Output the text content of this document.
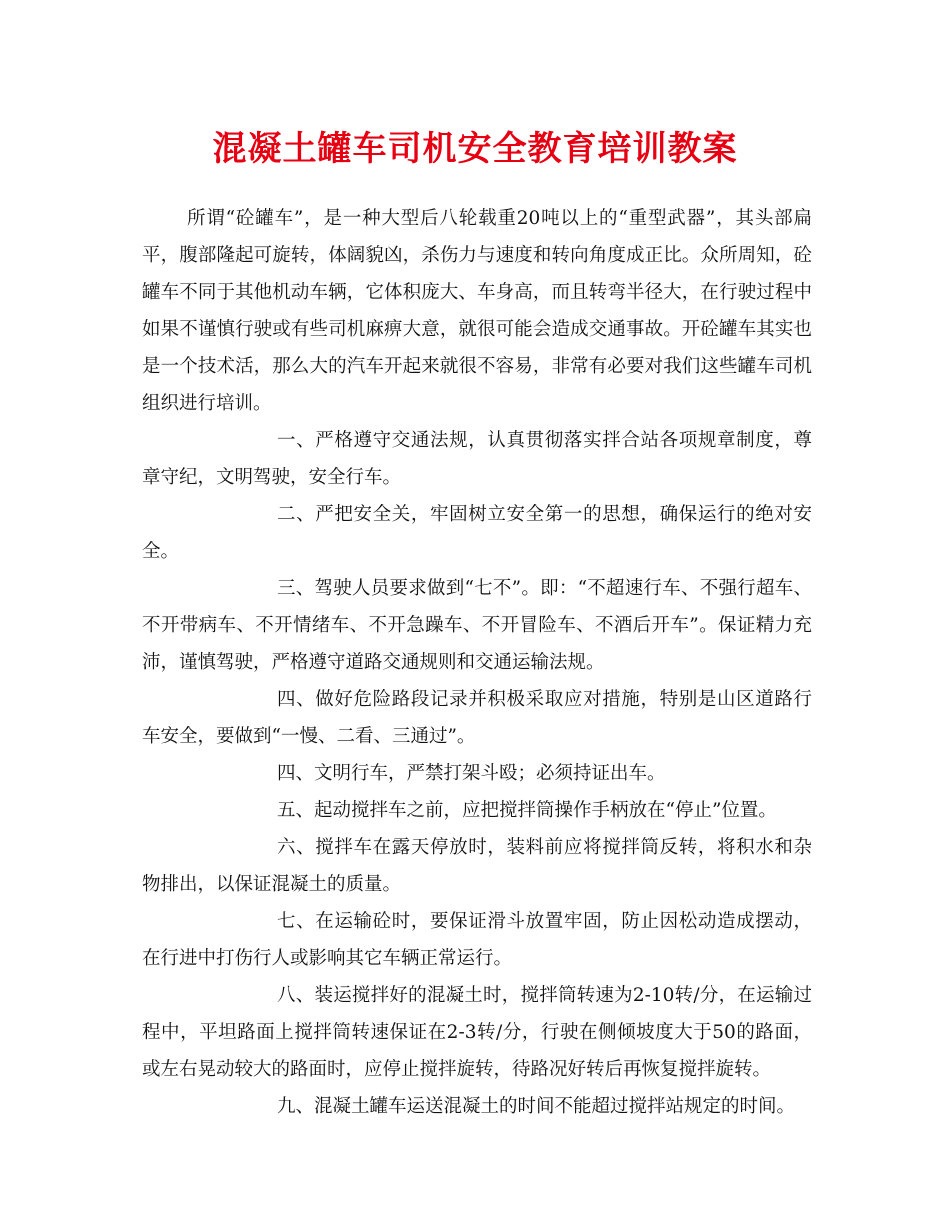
混凝土罐车司机安全教育培训教案

所谓“砼罐车”，是一种大型后八轮载重20吨以上的“重型武器”，其头部扁平，腹部隆起可旋转，体阔貌凶，杀伤力与速度和转向角度成正比。众所周知，砼罐车不同于其他机动车辆，它体积庞大、车身高，而且转弯半径大，在行驶过程中如果不谨慎行驶或有些司机麻痹大意，就很可能会造成交通事故。开砼罐车其实也是一个技术活，那么大的汽车开起来就很不容易，非常有必要对我们这些罐车司机组织进行培训。

一、严格遵守交通法规，认真贯彻落实拌合站各项规章制度，尊章守纪，文明驾驶，安全行车。

二、严把安全关，牢固树立安全第一的思想，确保运行的绝对安全。

三、驾驶人员要求做到“七不”。即：“不超速行车、不强行超车、不开带病车、不开情绪车、不开急躁车、不开冒险车、不酒后开车”。保证精力充沛，谨慎驾驶，严格遵守道路交通规则和交通运输法规。

四、做好危险路段记录并积极采取应对措施，特别是山区道路行车安全，要做到“一慢、二看、三通过”。

四、文明行车，严禁打架斗殴；必须持证出车。

五、起动搅拌车之前，应把搅拌筒操作手柄放在“停止”位置。

六、搅拌车在露天停放时，装料前应将搅拌筒反转，将积水和杂物排出，以保证混凝土的质量。

七、在运输砼时，要保证滑斗放置牢固，防止因松动造成摆动，在行进中打伤行人或影响其它车辆正常运行。

八、装运搅拌好的混凝土时，搅拌筒转速为2-10转/分，在运输过程中，平坦路面上搅拌筒转速保证在2-3转/分，行驶在侧倾坡度大于50的路面，或左右晃动较大的路面时，应停止搅拌旋转，待路况好转后再恢复搅拌旋转。

九、混凝土罐车运送混凝土的时间不能超过搅拌站规定的时间。
